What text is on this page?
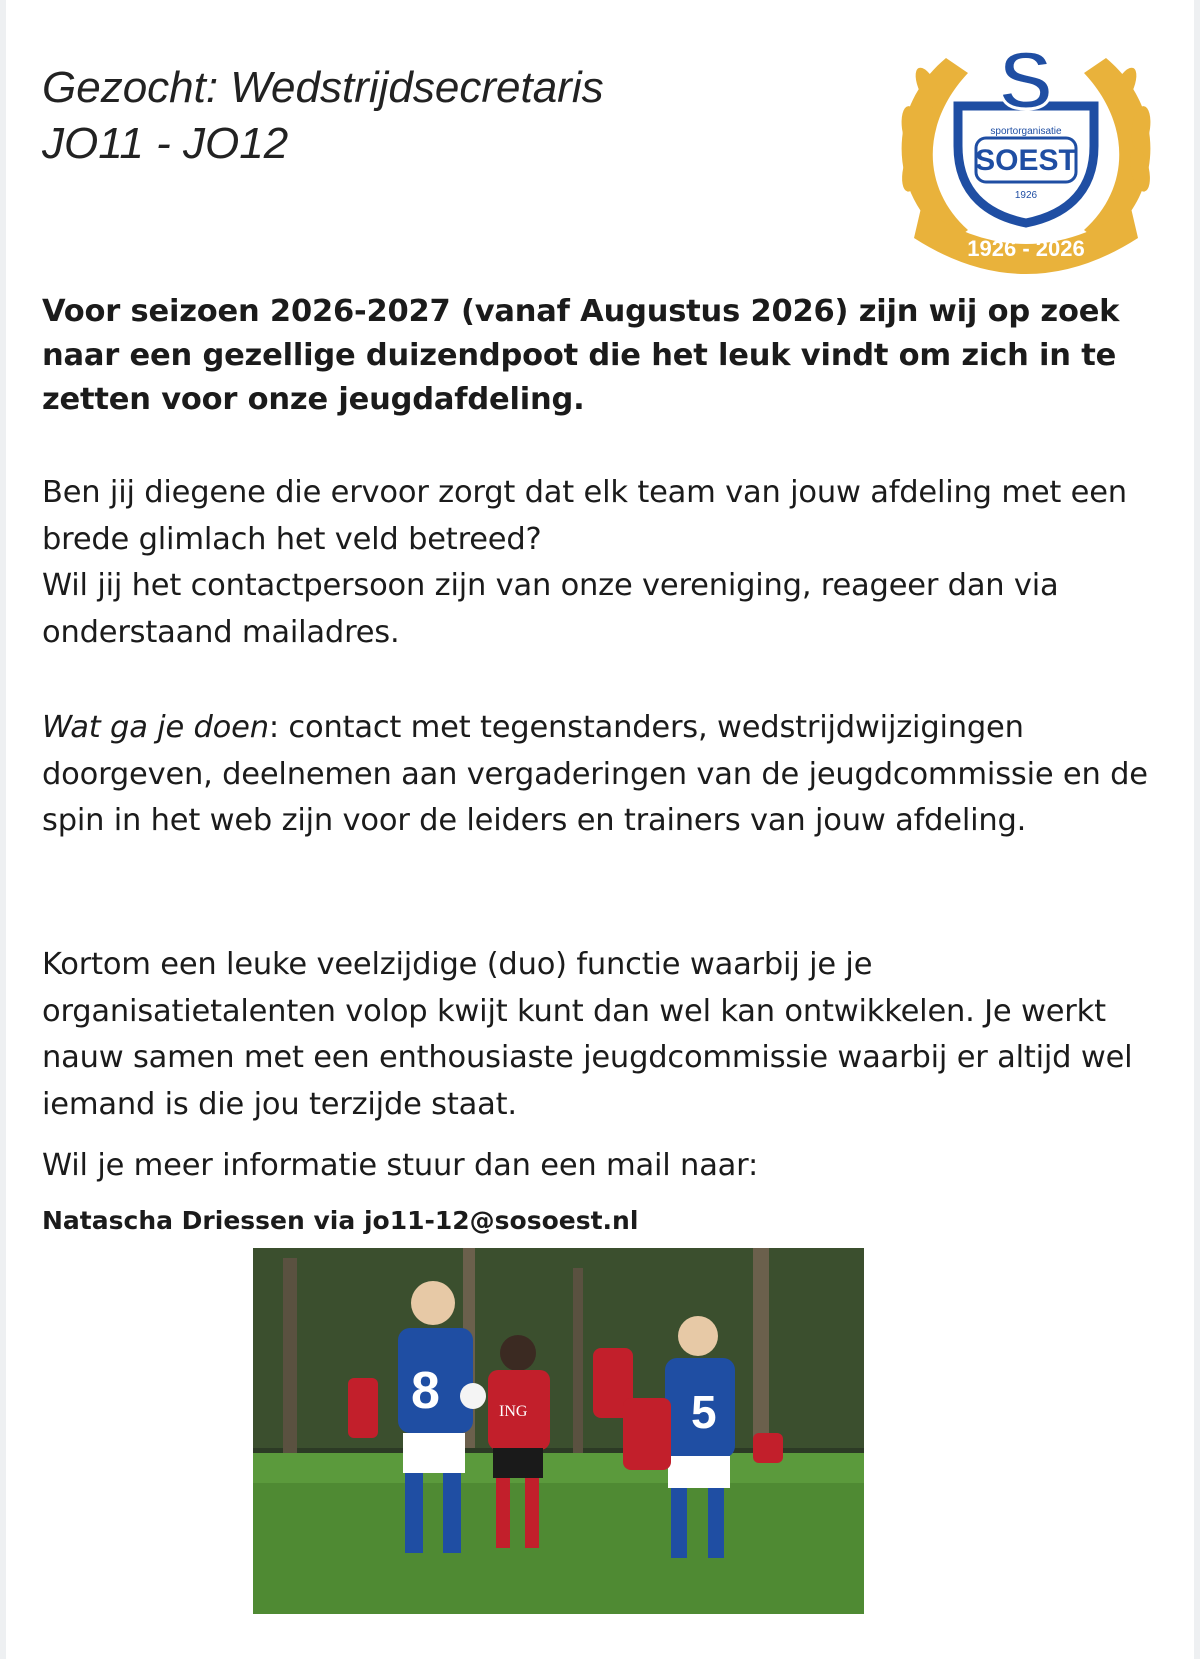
Gezocht: Wedstrijdsecretaris
JO11 - JO12
1926 - 2026
S
sportorganisatie
SOEST
1926

Voor seizoen 2026-2027 (vanaf Augustus 2026) zijn wij op zoek naar een gezellige duizendpoot die het leuk vindt om zich in te zetten voor onze jeugdafdeling.

Ben jij diegene die ervoor zorgt dat elk team van jouw afdeling met een brede glimlach het veld betreed?
Wil jij het contactpersoon zijn van onze vereniging, reageer dan via onderstaand mailadres.

Wat ga je doen: contact met tegenstanders, wedstrijdwijzigingen doorgeven, deelnemen aan vergaderingen van de jeugdcommissie en de spin in het web zijn voor de leiders en trainers van jouw afdeling.

Kortom een leuke veelzijdige (duo) functie waarbij je je organisatietalenten volop kwijt kunt dan wel kan ontwikkelen. Je werkt nauw samen met een enthousiaste jeugdcommissie waarbij er altijd wel iemand is die jou terzijde staat.

Wil je meer informatie stuur dan een mail naar:

Natascha Driessen via jo11-12@sosoest.nl

8	ING	5
